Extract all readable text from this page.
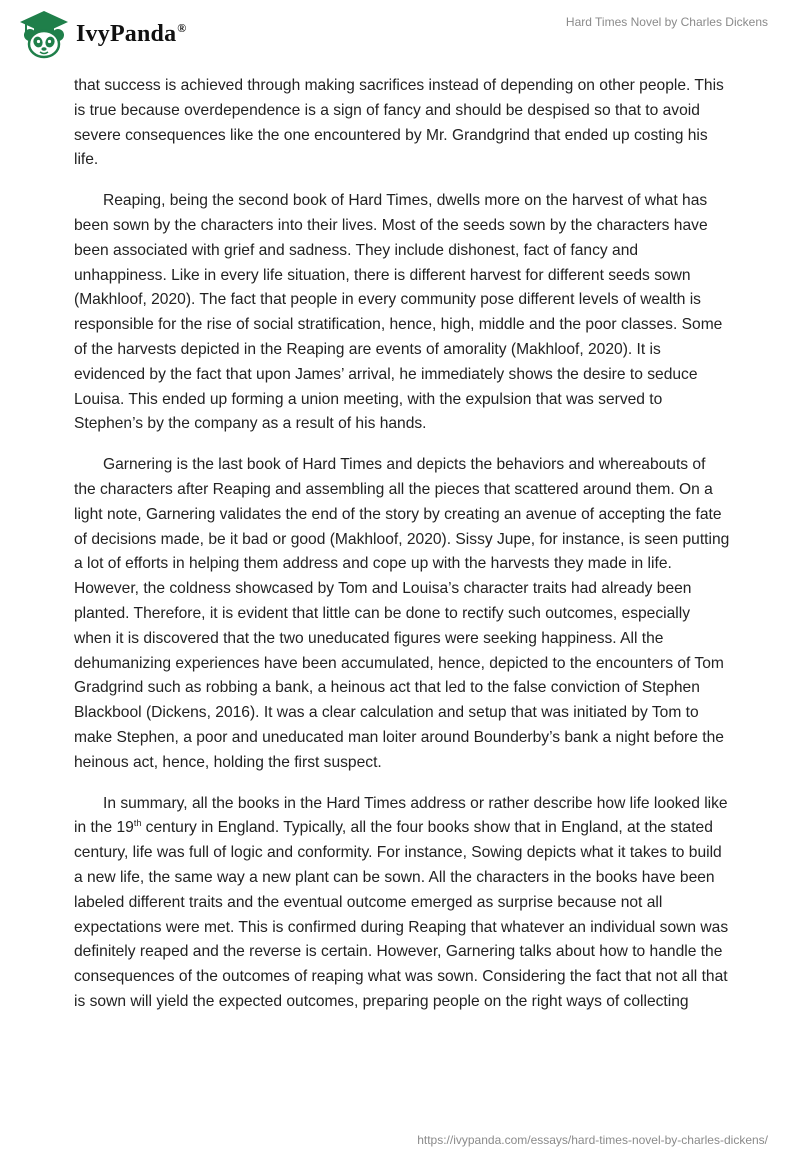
IvyPanda®	Hard Times Novel by Charles Dickens

that success is achieved through making sacrifices instead of depending on other people. This is true because overdependence is a sign of fancy and should be despised so that to avoid severe consequences like the one encountered by Mr. Grandgrind that ended up costing his life.

Reaping, being the second book of Hard Times, dwells more on the harvest of what has been sown by the characters into their lives. Most of the seeds sown by the characters have been associated with grief and sadness. They include dishonest, fact of fancy and unhappiness. Like in every life situation, there is different harvest for different seeds sown (Makhloof, 2020). The fact that people in every community pose different levels of wealth is responsible for the rise of social stratification, hence, high, middle and the poor classes. Some of the harvests depicted in the Reaping are events of amorality (Makhloof, 2020). It is evidenced by the fact that upon James’ arrival, he immediately shows the desire to seduce Louisa. This ended up forming a union meeting, with the expulsion that was served to Stephen’s by the company as a result of his hands.

Garnering is the last book of Hard Times and depicts the behaviors and whereabouts of the characters after Reaping and assembling all the pieces that scattered around them. On a light note, Garnering validates the end of the story by creating an avenue of accepting the fate of decisions made, be it bad or good (Makhloof, 2020). Sissy Jupe, for instance, is seen putting a lot of efforts in helping them address and cope up with the harvests they made in life. However, the coldness showcased by Tom and Louisa’s character traits had already been planted. Therefore, it is evident that little can be done to rectify such outcomes, especially when it is discovered that the two uneducated figures were seeking happiness. All the dehumanizing experiences have been accumulated, hence, depicted to the encounters of Tom Gradgrind such as robbing a bank, a heinous act that led to the false conviction of Stephen Blackbool (Dickens, 2016). It was a clear calculation and setup that was initiated by Tom to make Stephen, a poor and uneducated man loiter around Bounderby’s bank a night before the heinous act, hence, holding the first suspect.

In summary, all the books in the Hard Times address or rather describe how life looked like in the 19th century in England. Typically, all the four books show that in England, at the stated century, life was full of logic and conformity. For instance, Sowing depicts what it takes to build a new life, the same way a new plant can be sown. All the characters in the books have been labeled different traits and the eventual outcome emerged as surprise because not all expectations were met. This is confirmed during Reaping that whatever an individual sown was definitely reaped and the reverse is certain. However, Garnering talks about how to handle the consequences of the outcomes of reaping what was sown. Considering the fact that not all that is sown will yield the expected outcomes, preparing people on the right ways of collecting

https://ivypanda.com/essays/hard-times-novel-by-charles-dickens/
